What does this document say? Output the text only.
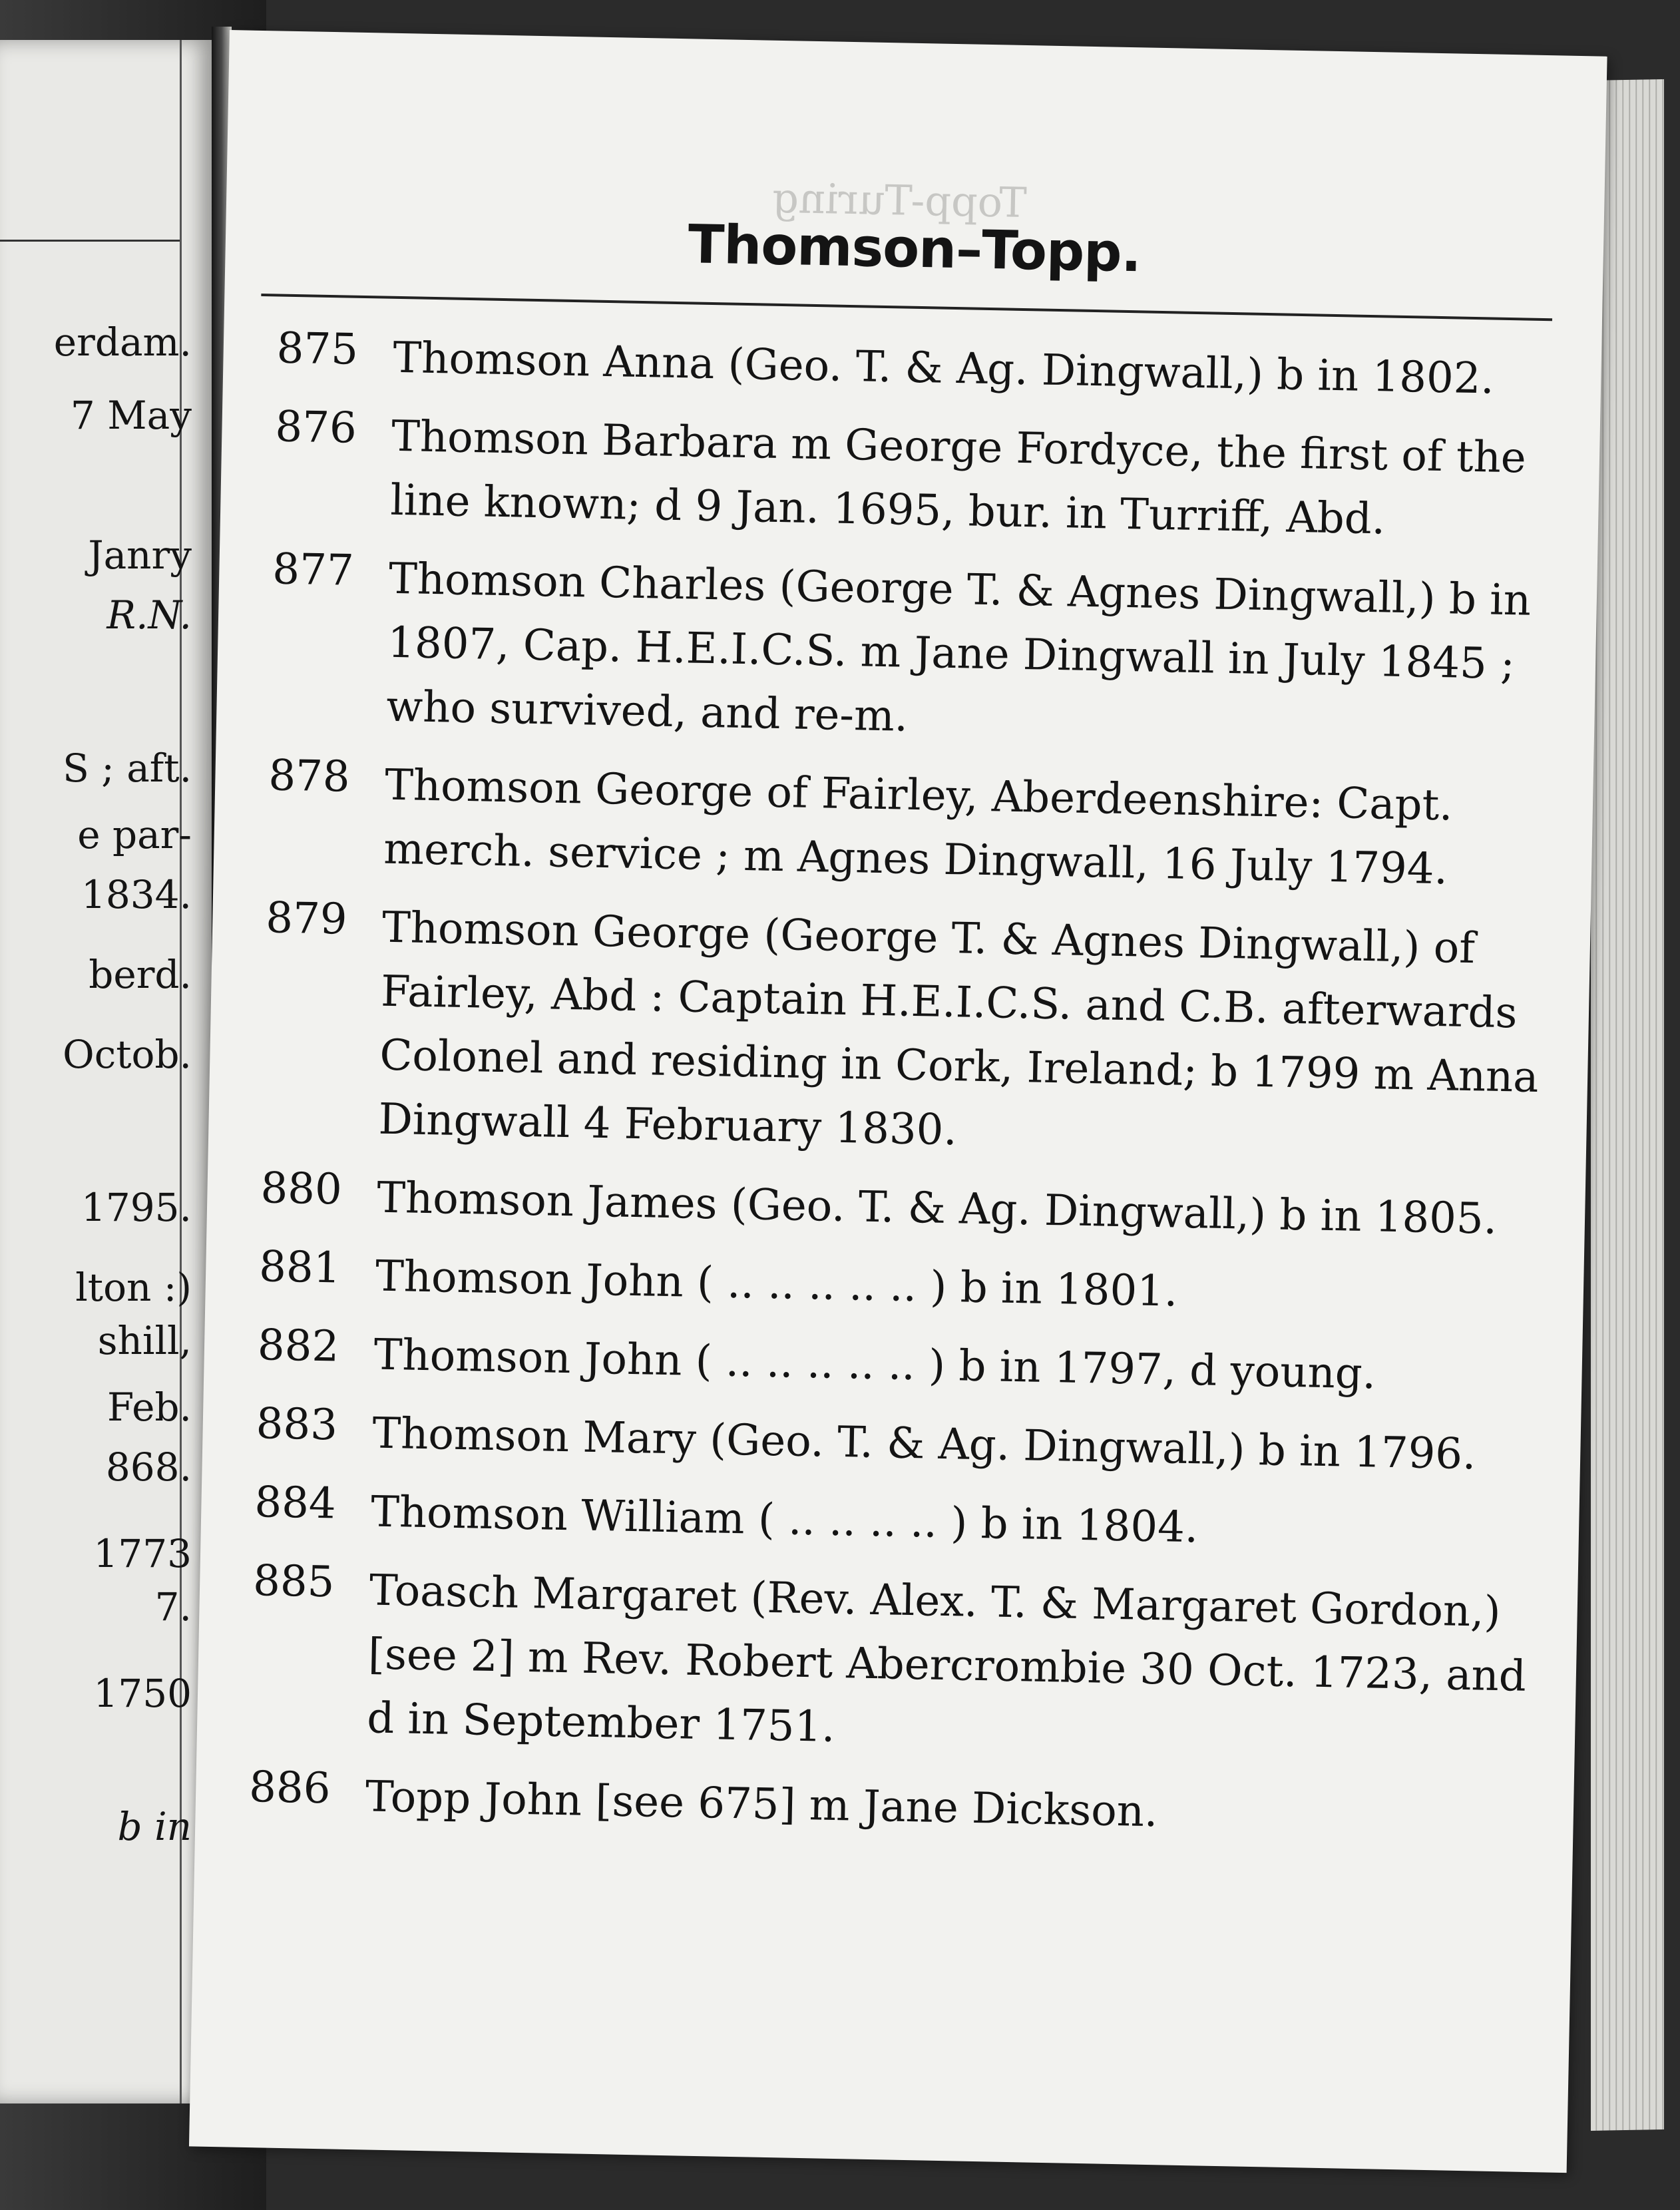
erdam.
7 May
Janry
R.N.
S ; aft.
e par-
1834.
berd.
Octob.
1795.
lton :)
shill,
Feb.
868.
1773
7.
1750
b in
Topp-Turing
Thomson–Topp.
875 Thomson Anna (Geo. T. & Ag. Dingwall,) b in 1802.
876 Thomson Barbara m George Fordyce, the first of the line known; d 9 Jan. 1695, bur. in Turriff, Abd.
877 Thomson Charles (George T. & Agnes Dingwall,) b in 1807, Cap. H.E.I.C.S. m Jane Dingwall in July 1845 ; who survived, and re-m.
878 Thomson George of Fairley, Aberdeenshire: Capt. merch. service ; m Agnes Dingwall, 16 July 1794.
879 Thomson George (George T. & Agnes Dingwall,) of Fairley, Abd : Captain H.E.I.C.S. and C.B. afterwards Colonel and residing in Cork, Ireland; b 1799 m Anna Dingwall 4 February 1830.
880 Thomson James (Geo. T. & Ag. Dingwall,) b in 1805.
881 Thomson John ( .. .. .. .. .. ) b in 1801.
882 Thomson John ( .. .. .. .. .. ) b in 1797, d young.
883 Thomson Mary (Geo. T. & Ag. Dingwall,) b in 1796.
884 Thomson William ( .. .. .. .. ) b in 1804.
885 Toasch Margaret (Rev. Alex. T. & Margaret Gordon,) [see 2] m Rev. Robert Abercrombie 30 Oct. 1723, and d in September 1751.
886 Topp John [see 675] m Jane Dickson.
